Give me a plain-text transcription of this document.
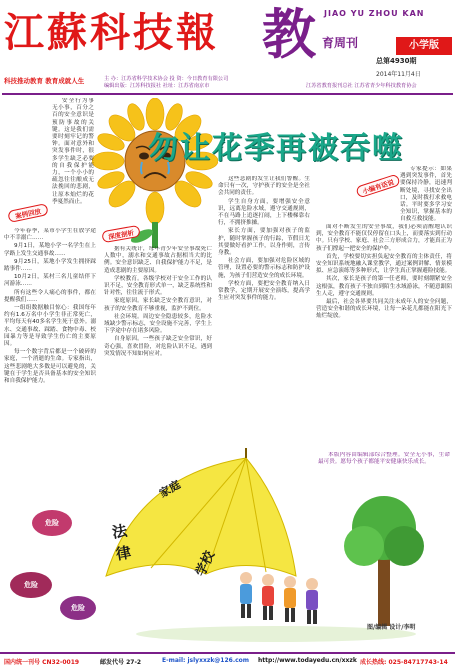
江蘇科技報 教	JIAO YU ZHOU KAN
育周刊	小学版
总第4930期
2014年11月4日
科技推动教育 教育成就人生	主 办：江苏省科学技术协会 投 资：今日教育有限公司
编辑出版：江苏科技报社 社址：江苏省南京市	江苏省教育报刊总社 江苏省青少年科技教育协会
勿让花季再被吞噬
案例回放
深度剖析
小编有话说

安全行为事无小事，百分之百的安全意识是预防事故的关键。这是我们需要时刻牢记的警钟。面对意外和突发事件时，很多学生缺乏必要的自我保护能力，一个小小的疏忽往往酿成无法挽回的悲剧，让原本灿烂的花季戛然而止。

今年春季，某市小学生在放学途中不幸溺亡……

9月1日，某地小学一名学生在上学路上发生交通事故……

9月25日，某地小学发生拥挤踩踏事件……

10月2日，某村三名儿童结伴下河游泳……

所有这些令人痛心的事件，都在提醒我们……

一组组数据触目惊心：我国每年约有1.6万名中小学生非正常死亡，平均每天有40多名学生死于意外。溺水、交通事故、踩踏、食物中毒、校园暴力等是导致学生伤亡的主要原因。

每一个数字背后都是一个破碎的家庭，一个消逝的生命。专家指出，这些悲剧绝大多数是可以避免的，关键在于学生是否具备基本的安全知识和自我保护能力。

据有关统计，每年青少年安全事故死亡人数中，溺水和交通事故占据相当大的比例。安全意识缺乏、自我保护能力不足，是造成悲剧的主要原因。

学校教育。各级学校对于安全工作的认识不足，安全教育形式单一，缺乏系统性和针对性，往往流于形式。

家庭原因。家长缺乏安全教育意识，对孩子的安全教育不够重视，监护不到位。

社会环境。周边安全隐患较多，危险水域缺少警示标志，安全设施不完善，学生上下学途中存在诸多风险。

自身原因。一些孩子缺乏安全常识，好奇心强，喜欢冒险，对危险认识不足，遇到突发情况不知如何应对。

这些悲剧的发生让我们警醒。生命只有一次，守护孩子的安全是全社会共同的责任。

学生自身方面，要增强安全意识，远离危险水域，遵守交通规则，不在马路上追逐打闹，上下楼梯靠右行，不拥挤推搡。

家长方面，要加强对孩子的监护，随时掌握孩子的行踪，节假日尤其要做好看护工作，以身作则，言传身教。

社会方面，要加强对危险区域的管理，设置必要的警示标志和防护设施，为孩子们营造安全的成长环境。

学校方面，要把安全教育纳入日常教学，定期开展安全演练，提高学生应对突发事件的能力。

专家提示：如果遇到突发事件，首先要保持冷静，迅速判断处境，寻找安全出口，及时拨打求救电话。平时要多学习安全知识，掌握基本的自救互救技能。

面对不断发生的安全事故，我们必须清醒地认识到，安全教育不能仅仅停留在口头上，而要落实到行动中。只有学校、家庭、社会三方形成合力，才能真正为孩子们撑起一把安全的保护伞。

首先，学校要切实担负起安全教育的主体责任，将安全知识系统地融入课堂教学，通过案例讲解、情景模拟、应急演练等多种形式，让学生真正掌握避险技能。

其次，家长是孩子的第一任老师，要时刻绷紧安全这根弦，教育孩子不独自到陌生水域游泳，不随意跟陌生人走，遵守交通规则。

最后，社会各界要共同关注未成年人的安全问题，营造安全和谐的成长环境，让每一朵花儿都能在阳光下灿烂绽放。

本版内容由编辑部综合整理。安全无小事，生命最可贵。愿每个孩子都能平安健康快乐成长。

法律	学校
家庭
危险
危险
危险
图/编辑 设计/李明
国内统一刊号 CN32-0019	邮发代号 27-2	E-mail: jslyxxzk@126.com	http://www.todayedu.cn/xxzk 成长热线: 025-84717743-14
